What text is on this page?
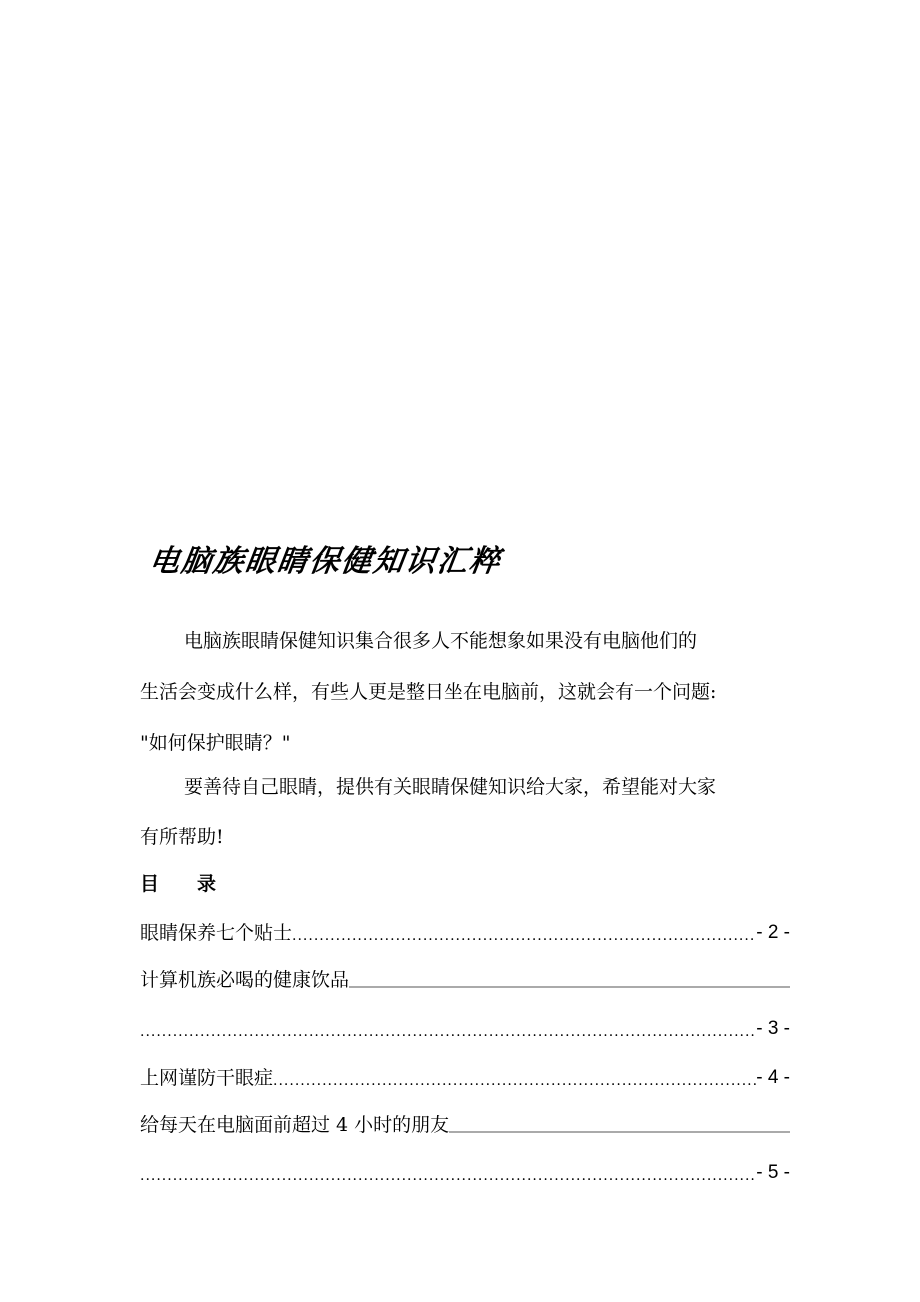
电脑族眼睛保健知识汇粹
电脑族眼睛保健知识集合很多人不能想象如果没有电脑他们的
生活会变成什么样，有些人更是整日坐在电脑前，这就会有一个问题:
"如何保护眼睛？"
要善待自己眼睛，提供有关眼睛保健知识给大家，希望能对大家
有所帮助!
目　　录
眼睛保养七个贴士 .....	- 2 -
计算机族必喝的健康饮品
.....
- 3 -
上网谨防干眼症 .....	- 4 -
给每天在电脑面前超过 4 小时的朋友
.....
- 5 -
